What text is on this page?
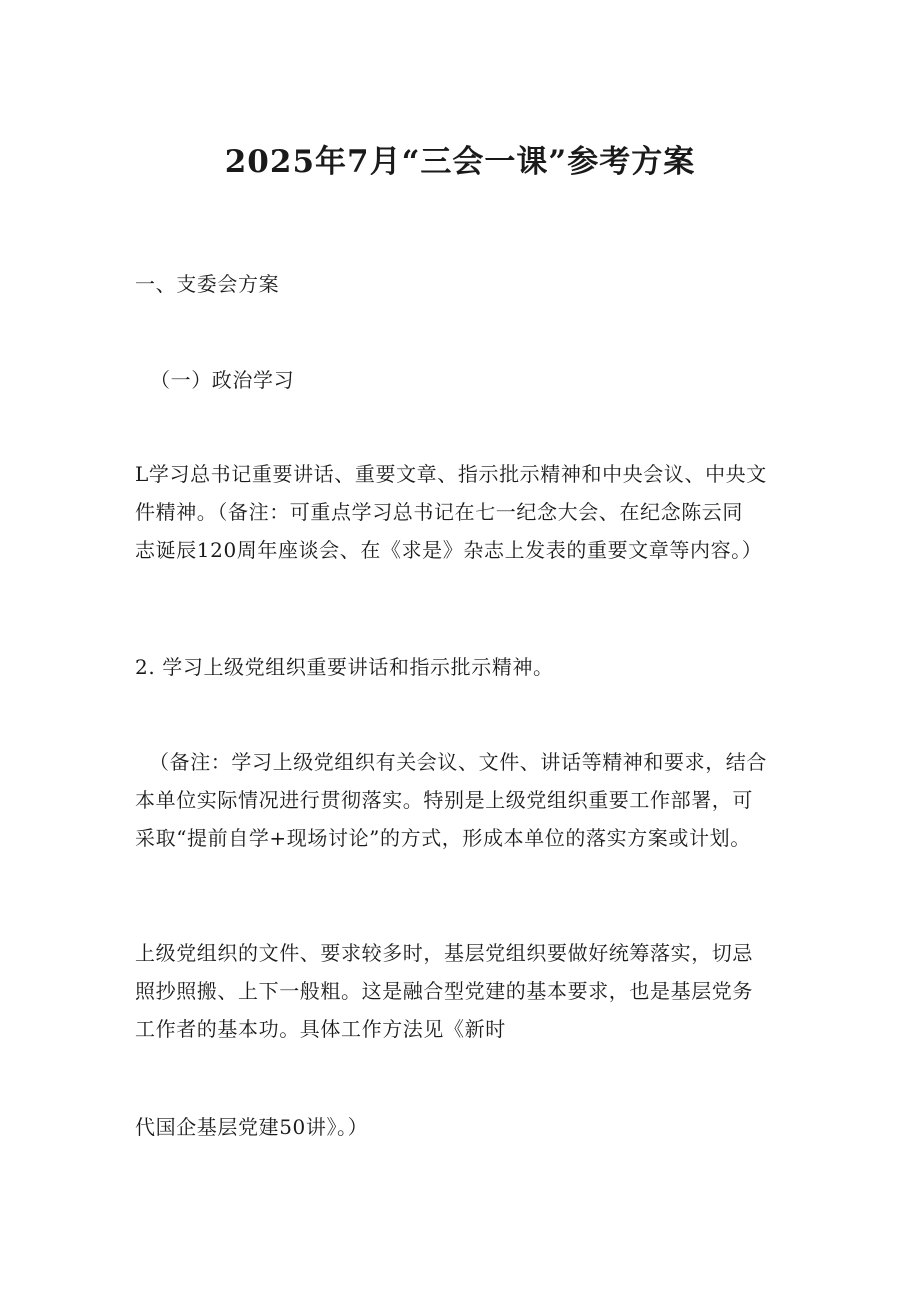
2025年7月“三会一课”参考方案

一、支委会方案

（一）政治学习

L学习总书记重要讲话、重要文章、指示批示精神和中央会议、中央文
件精神。（备注：可重点学习总书记在七一纪念大会、在纪念陈云同
志诞辰120周年座谈会、在《求是》杂志上发表的重要文章等内容。）

2. 学习上级党组织重要讲话和指示批示精神。

（备注：学习上级党组织有关会议、文件、讲话等精神和要求，结合
本单位实际情况进行贯彻落实。特别是上级党组织重要工作部署，可
采取“提前自学+现场讨论”的方式，形成本单位的落实方案或计划。
上级党组织的文件、要求较多时，基层党组织要做好统筹落实，切忌
照抄照搬、上下一般粗。这是融合型党建的基本要求，也是基层党务
工作者的基本功。具体工作方法见《新时

代国企基层党建50讲》。）
